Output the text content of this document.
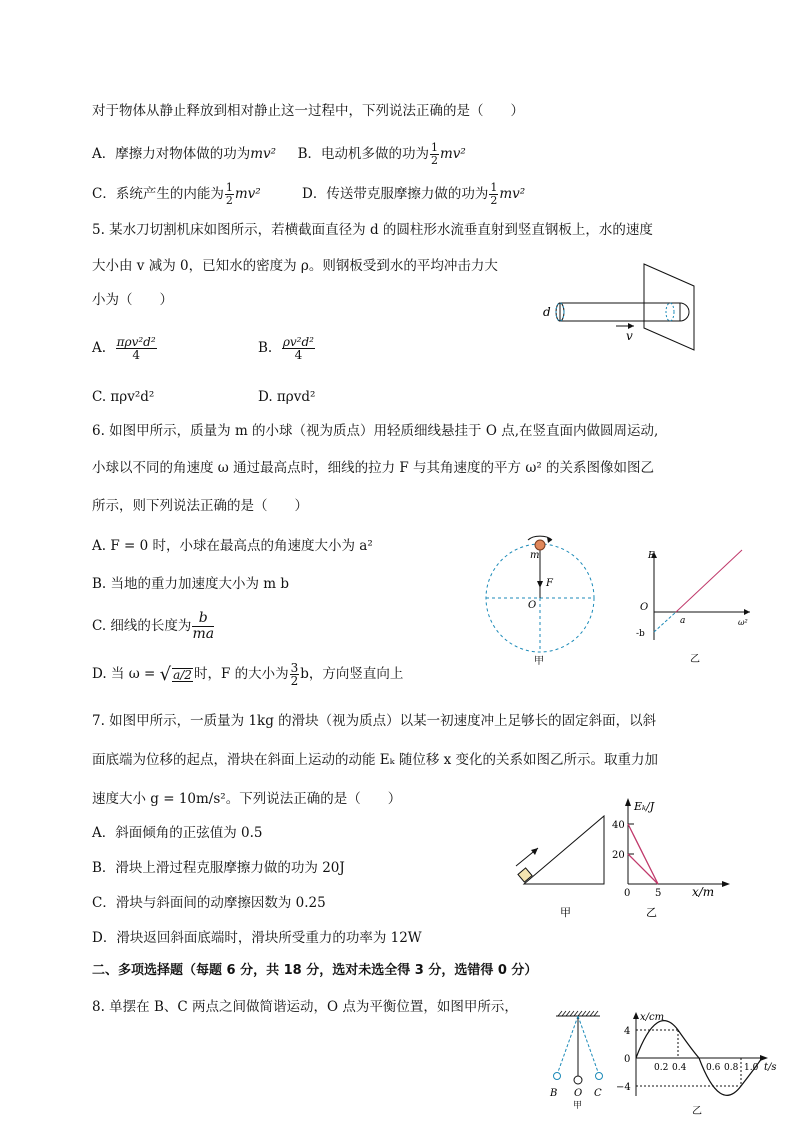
对于物体从静止释放到相对静止这一过程中，下列说法正确的是（　　）
A．摩擦力对物体做的功为mv² B．电动机多做的功为 $\frac{1}{2} mv^2$
C．系统产生的内能为 $\frac{1}{2} mv^2$	D．传送带克服摩擦力做的功为 $\frac{1}{2} mv^2$
5. 某水刀切割机床如图所示，若横截面直径为 d 的圆柱形水流垂直射到竖直钢板上，水的速度
大小由 v 减为 0，已知水的密度为 ρ。则钢板受到水的平均冲击力大
小为（　　）
A. $\frac{\text{πρv²d²}}{4}$	B. $\frac{\text{ρv²d²}}{4}$
C. πρv²d²	D. πρvd²
d
v
6. 如图甲所示，质量为 m 的小球（视为质点）用轻质细线悬挂于 O 点,在竖直面内做圆周运动,
小球以不同的角速度 ω 通过最高点时，细线的拉力 F 与其角速度的平方 ω² 的关系图像如图乙
所示，则下列说法正确的是（　　）
A. F = 0 时，小球在最高点的角速度大小为 a²
B. 当地的重力加速度大小为 m b
C. 细线的长度为 $\frac{b}{ma}$
D. 当 ω = √ a/2 时，F 的大小为 $\frac{3}{2}$ b，方向竖直向上
m
F
O
甲
F
O
a
-b
ω²
乙
7. 如图甲所示，一质量为 1kg 的滑块（视为质点）以某一初速度冲上足够长的固定斜面，以斜
面底端为位移的起点，滑块在斜面上运动的动能 Eₖ 随位移 x 变化的关系如图乙所示。取重力加
速度大小 g = 10m/s²。下列说法正确的是（　　）
A．斜面倾角的正弦值为 0.5
B．滑块上滑过程克服摩擦力做的功为 20J
C．滑块与斜面间的动摩擦因数为 0.25
D．滑块返回斜面底端时，滑块所受重力的功率为 12W
甲
Eₖ/J
40
20
0 5	x/m
乙
二、多项选择题（每题 6 分，共 18 分，选对未选全得 3 分，选错得 0 分）
8. 单摆在 B、C 两点之间做简谐运动，O 点为平衡位置，如图甲所示，
B O C
甲
x/cm
4
0
−4
0.2 0.4 0.6 0.8 1.0 t/s
乙
